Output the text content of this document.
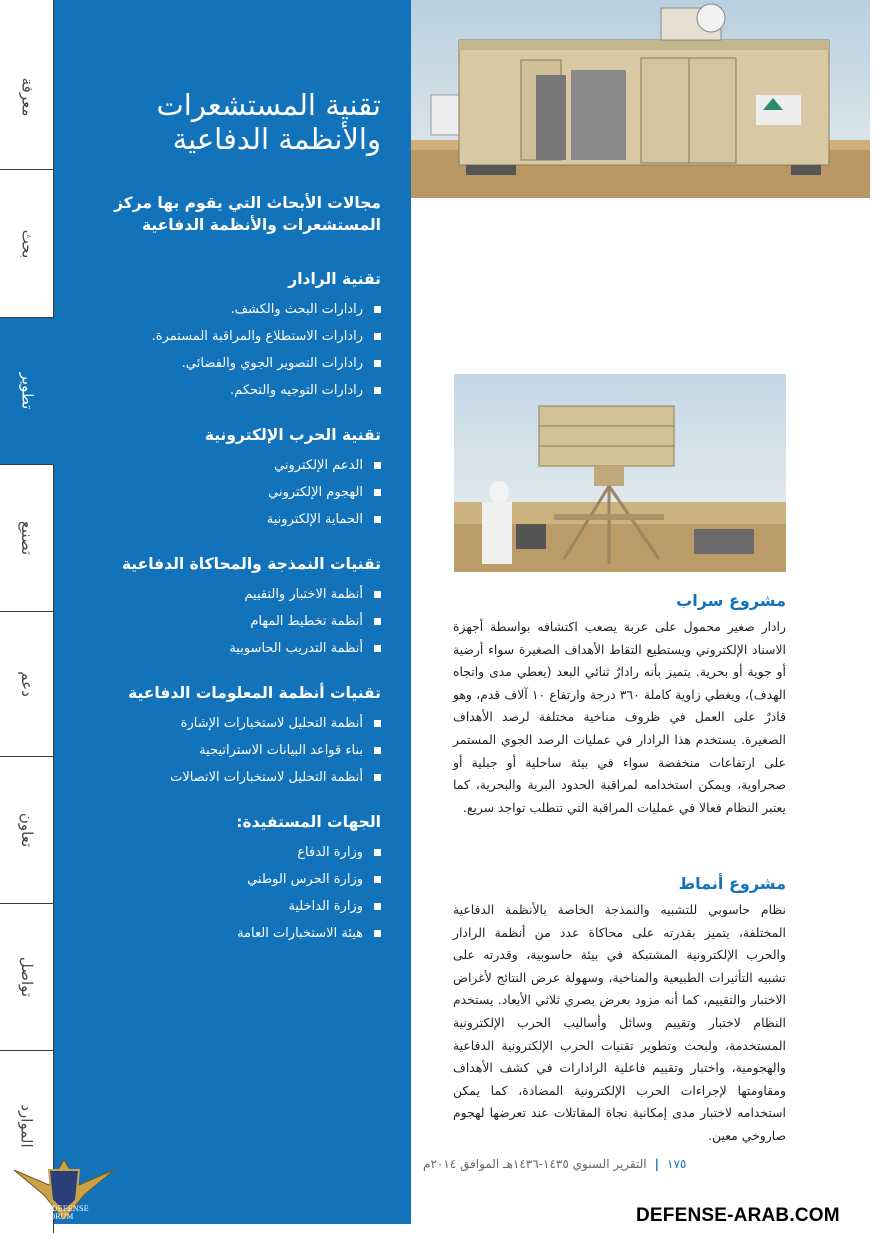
معرفة
بحث
تطوير
تصنيع
دعم
تعاون
تواصل
الموارد
تقنية المستشعرات
والأنظمة الدفاعية
مجالات الأبحاث التي يقوم بها مركز المستشعرات والأنظمة الدفاعية
تقنية الرادار
رادارات البحث والكشف.
رادارات الاستطلاع والمراقبة المستمرة.
رادارات التصوير الجوي والفضائي.
رادارات التوجيه والتحكم.
تقنية الحرب الإلكترونية
الدعم الإلكتروني
الهجوم الإلكتروني
الحماية الإلكترونية
تقنيات النمذجة والمحاكاة الدفاعية
أنظمة الاختبار والتقييم
أنظمة تخطيط المهام
أنظمة التدريب الحاسوبية
تقنيات أنظمة المعلومات الدفاعية
أنظمة التحليل لاستخبارات الإشارة
بناء قواعد البيانات الاستراتيجية
أنظمة التحليل لاستخبارات الاتصالات
الجهات المستفيدة:
وزارة الدفاع
وزارة الحرس الوطني
وزارة الداخلية
هيئة الاستخبارات العامة
ARAB DEFENSE FORUM
مشروع سراب

رادار صغير محمول على عربة يصعب اكتشافه بواسطة أجهزة الاسناد الإلكتروني ويستطيع التقاط الأهداف الصغيرة سواء أرضية أو جوية أو بحرية. يتميز بأنه رادارٌ ثنائي البعد (يعطي مدى واتجاه الهدف)، ويغطي زاوية كاملة ٣٦٠ درجة وارتفاع ١٠ آلاف قدم، وهو قادرٌ على العمل في ظروف مناخية مختلفة لرصد الأهداف الصغيرة. يستخدم هذا الرادار في عمليات الرصد الجوي المستمر على ارتفاعات منخفضة سواء في بيئة ساحلية أو جبلية أو صحراوية، ويمكن استخدامه لمراقبة الحدود البرية والبحرية، كما يعتبر النظام فعالا في عمليات المراقبة التي تتطلب تواجد سريع.

مشروع أنماط

نظام حاسوبي للتشبيه والنمذجة الخاصة بالأنظمة الدفاعية المختلفة، يتميز بقدرته على محاكاة عدد من أنظمة الرادار والحرب الإلكترونية المشتبكة في بيئة حاسوبية، وقدرته على تشبيه التأثيرات الطبيعية والمناخية، وسهولة عرض النتائج لأغراض الاختبار والتقييم، كما أنه مزود بعرض بصري ثلاثي الأبعاد. يستخدم النظام لاختبار وتقييم وسائل وأساليب الحرب الإلكترونية المستخدمة، ولبحث وتطوير تقنيات الحرب الإلكترونية الدفاعية والهجومية، واختبار وتقييم فاعلية الرادارات في كشف الأهداف ومقاومتها لإجراءات الحرب الإلكترونية المضادة، كما يمكن استخدامه لاختبار مدى إمكانية نجاة المقاتلات عند تعرضها لهجوم صاروخي معين.

١٧٥|التقرير السنوي ١٤٣٥-١٤٣٦هـ الموافق ٢٠١٤م
DEFENSE-ARAB.COM
